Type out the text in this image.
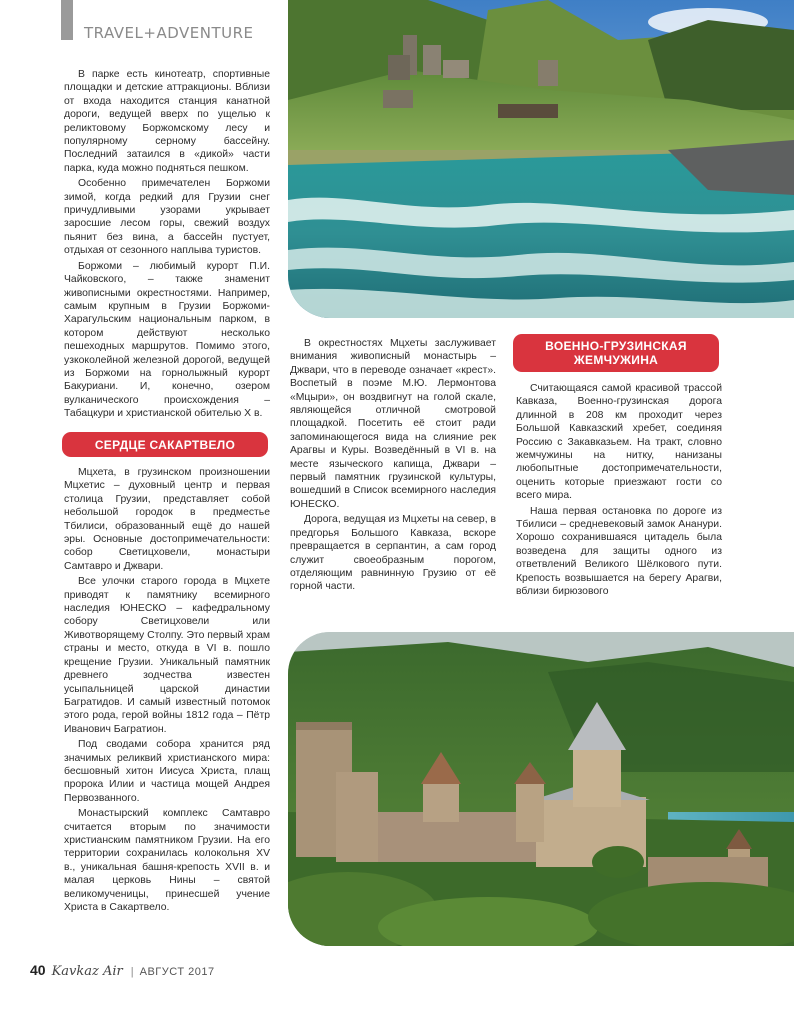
TRAVEL+ADVENTURE

В парке есть кинотеатр, спортивные площадки и детские аттракционы. Вблизи от входа находится станция канатной дороги, ведущей вверх по ущелью к реликтовому Боржомскому лесу и популярному серному бассейну. Последний затаился в «дикой» части парка, куда можно подняться пешком.

Особенно примечателен Боржоми зимой, когда редкий для Грузии снег причудливыми узорами укрывает заросшие лесом горы, свежий воздух пьянит без вина, а бассейн пустует, отдыхая от сезонного наплыва туристов.

Боржоми – любимый курорт П.И. Чайковского, – также знаменит живописными окрестностями. Например, самым крупным в Грузии Боржоми-Харагульским национальным парком, в котором действуют несколько пешеходных маршрутов. Помимо этого, узкоколейной железной дорогой, ведущей из Боржоми на горнолыжный курорт Бакуриани. И, конечно, озером вулканического происхождения – Табацкури и христианской обителью X в.

СЕРДЦЕ САКАРТВЕЛО

Мцхета, в грузинском произношении Мцхетис – духовный центр и первая столица Грузии, представляет собой небольшой городок в предместье Тбилиси, образованный ещё до нашей эры. Основные достопримечательности: собор Светицховели, монастыри Самтавро и Джвари.

Все улочки старого города в Мцхете приводят к памятнику всемирного наследия ЮНЕСКО – кафедральному собору Светицховели или Животворящему Столпу. Это первый храм страны и место, откуда в VI в. пошло крещение Грузии. Уникальный памятник древнего зодчества известен усыпальницей царской династии Багратидов. И самый известный потомок этого рода, герой войны 1812 года – Пётр Иванович Багратион.

Под сводами собора хранится ряд значимых реликвий христианского мира: бесшовный хитон Иисуса Христа, плащ пророка Илии и частица мощей Андрея Первозванного.

Монастырский комплекс Самтавро считается вторым по значимости христианским памятником Грузии. На его территории сохранилась колокольня XV в., уникальная башня-крепость XVII в. и малая церковь Нины – святой великомученицы, принесшей учение Христа в Сакартвело.

В окрестностях Мцхеты заслуживает внимания живописный монастырь – Джвари, что в переводе означает «крест». Воспетый в поэме М.Ю. Лермонтова «Мцыри», он воздвигнут на голой скале, являющейся отличной смотровой площадкой. Посетить её стоит ради запоминающегося вида на слияние рек Арагвы и Куры. Возведённый в VI в. на месте языческого капища, Джвари – первый памятник грузинской культуры, вошедший в Список всемирного наследия ЮНЕСКО.

Дорога, ведущая из Мцхеты на север, в предгорья Большого Кавказа, вскоре превращается в серпантин, а сам город служит своеобразным порогом, отделяющим равнинную Грузию от её горной части.

ВОЕННО-ГРУЗИНСКАЯ ЖЕМЧУЖИНА

Считающаяся самой красивой трассой Кавказа, Военно-грузинская дорога длинной в 208 км проходит через Большой Кавказский хребет, соединяя Россию с Закавказьем. На тракт, словно жемчужины на нитку, нанизаны любопытные достопримечательности, оценить которые приезжают гости со всего мира.

Наша первая остановка по дороге из Тбилиси – средневековый замок Ананури. Хорошо сохранившаяся цитадель была возведена для защиты одного из ответвлений Великого Шёлкового пути. Крепость возвышается на берегу Арагви, вблизи бирюзового

40 Kavkaz Air | АВГУСТ 2017
